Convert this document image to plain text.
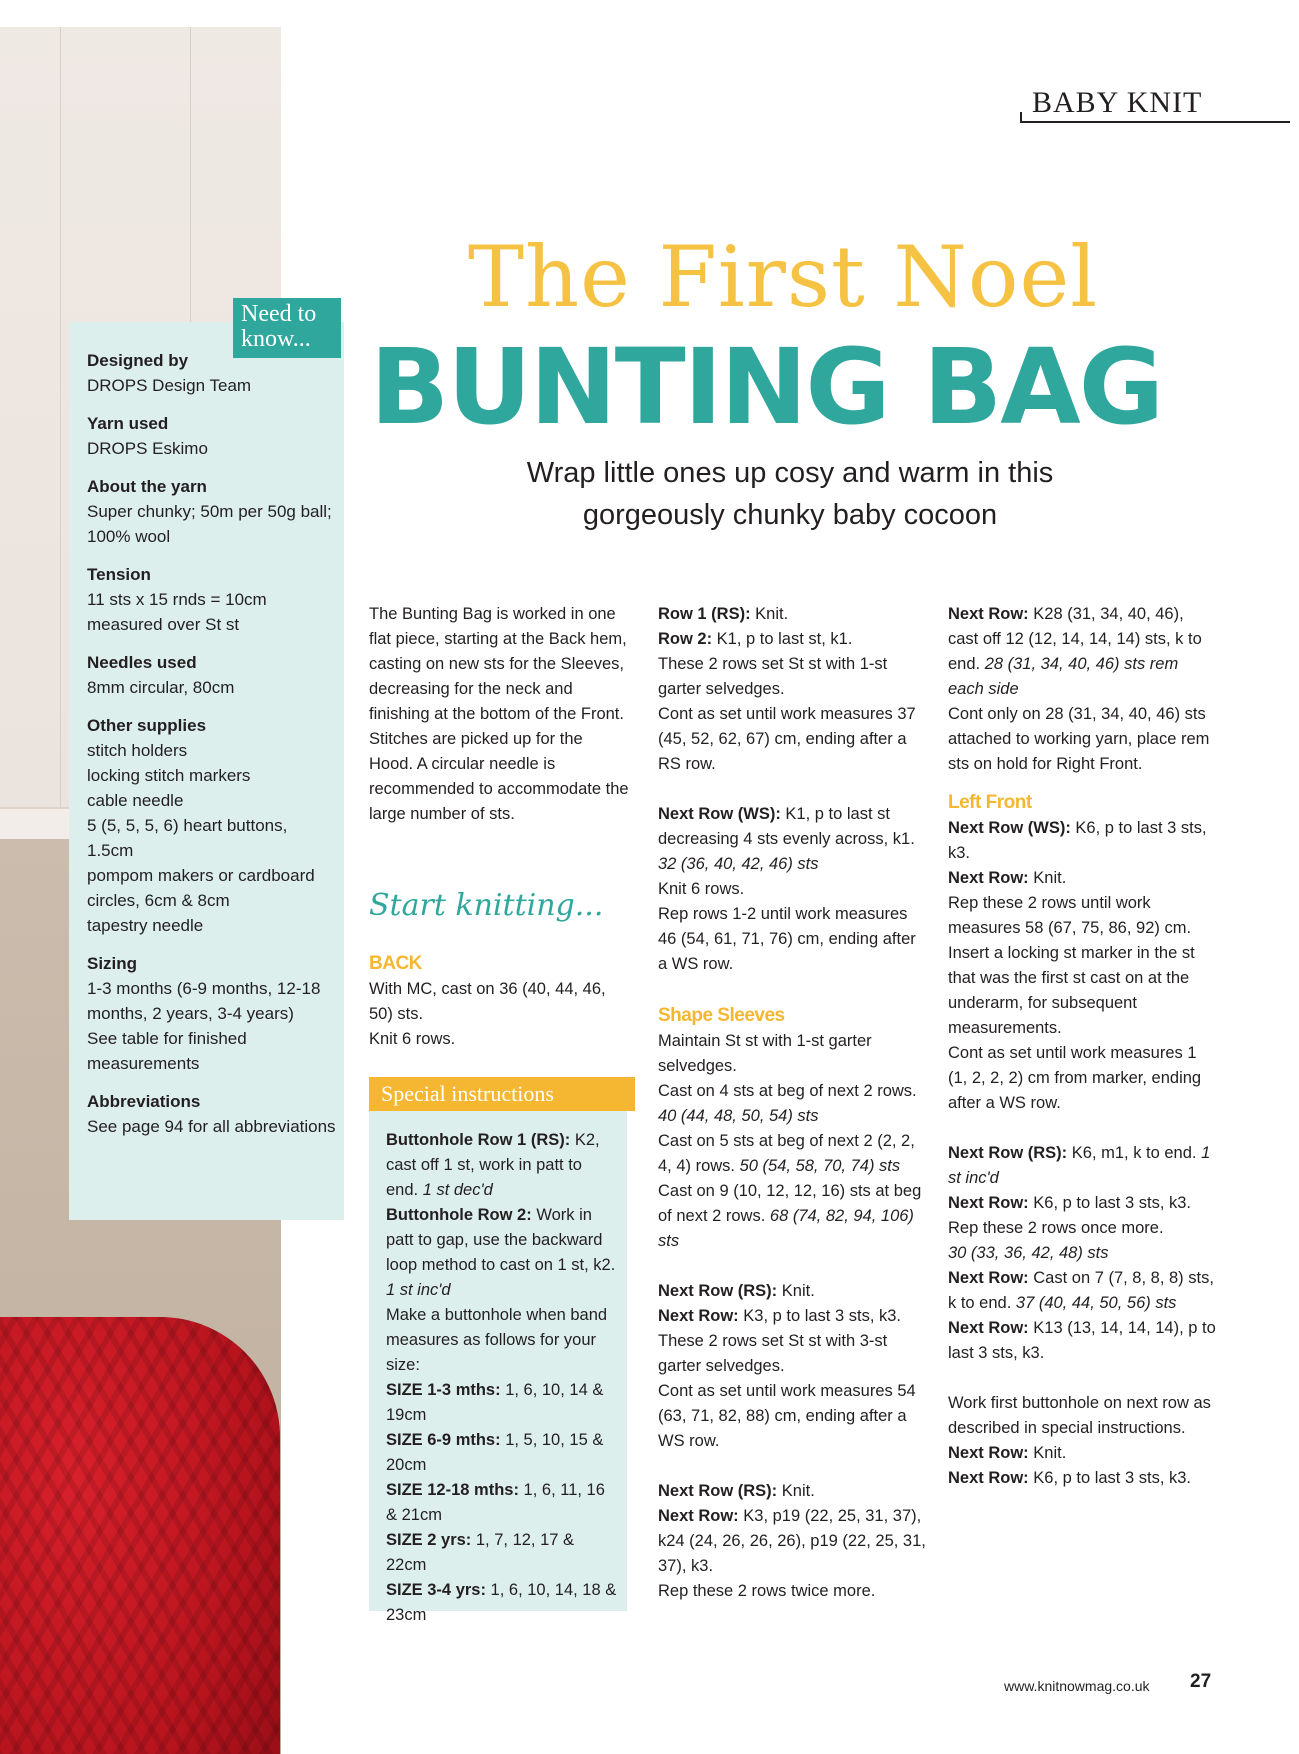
BABY KNIT
The First Noel
BUNTING BAG
Wrap little ones up cosy and warm in this gorgeously chunky baby cocoon
Need to know...
Designed by
DROPS Design Team
Yarn used
DROPS Eskimo
About the yarn
Super chunky; 50m per 50g ball; 100% wool
Tension
11 sts x 15 rnds = 10cm measured over St st
Needles used
8mm circular, 80cm
Other supplies
stitch holders
locking stitch markers
cable needle
5 (5, 5, 5, 6) heart buttons, 1.5cm
pompom makers or cardboard circles, 6cm & 8cm
tapestry needle
Sizing
1-3 months (6-9 months, 12-18 months, 2 years, 3-4 years)
See table for finished measurements
Abbreviations
See page 94 for all abbreviations
The Bunting Bag is worked in one flat piece, starting at the Back hem, casting on new sts for the Sleeves, decreasing for the neck and finishing at the bottom of the Front. Stitches are picked up for the Hood. A circular needle is recommended to accommodate the large number of sts.
Start knitting...
BACK

With MC, cast on 36 (40, 44, 46, 50) sts.

Knit 6 rows.

Special instructions

Buttonhole Row 1 (RS): K2, cast off 1 st, work in patt to end. 1 st dec'd

Buttonhole Row 2: Work in patt to gap, use the backward loop method to cast on 1 st, k2. 1 st inc'd

Make a buttonhole when band measures as follows for your size:

SIZE 1-3 mths: 1, 6, 10, 14 & 19cm

SIZE 6-9 mths: 1, 5, 10, 15 & 20cm

SIZE 12-18 mths: 1, 6, 11, 16 & 21cm

SIZE 2 yrs: 1, 7, 12, 17 & 22cm

SIZE 3-4 yrs: 1, 6, 10, 14, 18 & 23cm

Row 1 (RS): Knit.

Row 2: K1, p to last st, k1.

These 2 rows set St st with 1-st garter selvedges.

Cont as set until work measures 37 (45, 52, 62, 67) cm, ending after a RS row.

Next Row (WS): K1, p to last st decreasing 4 sts evenly across, k1. 32 (36, 40, 42, 46) sts

Knit 6 rows.

Rep rows 1-2 until work measures 46 (54, 61, 71, 76) cm, ending after a WS row.

Shape Sleeves

Maintain St st with 1-st garter selvedges.

Cast on 4 sts at beg of next 2 rows. 40 (44, 48, 50, 54) sts

Cast on 5 sts at beg of next 2 (2, 2, 4, 4) rows. 50 (54, 58, 70, 74) sts

Cast on 9 (10, 12, 12, 16) sts at beg of next 2 rows. 68 (74, 82, 94, 106) sts

Next Row (RS): Knit.

Next Row: K3, p to last 3 sts, k3.

These 2 rows set St st with 3-st garter selvedges.

Cont as set until work measures 54 (63, 71, 82, 88) cm, ending after a WS row.

Next Row (RS): Knit.

Next Row: K3, p19 (22, 25, 31, 37), k24 (24, 26, 26, 26), p19 (22, 25, 31, 37), k3.

Rep these 2 rows twice more.

Next Row: K28 (31, 34, 40, 46), cast off 12 (12, 14, 14, 14) sts, k to end. 28 (31, 34, 40, 46) sts rem each side

Cont only on 28 (31, 34, 40, 46) sts attached to working yarn, place rem sts on hold for Right Front.

Left Front

Next Row (WS): K6, p to last 3 sts, k3.

Next Row: Knit.

Rep these 2 rows until work measures 58 (67, 75, 86, 92) cm.

Insert a locking st marker in the st that was the first st cast on at the underarm, for subsequent measurements.

Cont as set until work measures 1 (1, 2, 2, 2) cm from marker, ending after a WS row.

Next Row (RS): K6, m1, k to end. 1 st inc'd

Next Row: K6, p to last 3 sts, k3.

Rep these 2 rows once more.

30 (33, 36, 42, 48) sts

Next Row: Cast on 7 (7, 8, 8, 8) sts, k to end. 37 (40, 44, 50, 56) sts

Next Row: K13 (13, 14, 14, 14), p to last 3 sts, k3.

Work first buttonhole on next row as described in special instructions.

Next Row: Knit.

Next Row: K6, p to last 3 sts, k3.

www.knitnowmag.co.uk 27
